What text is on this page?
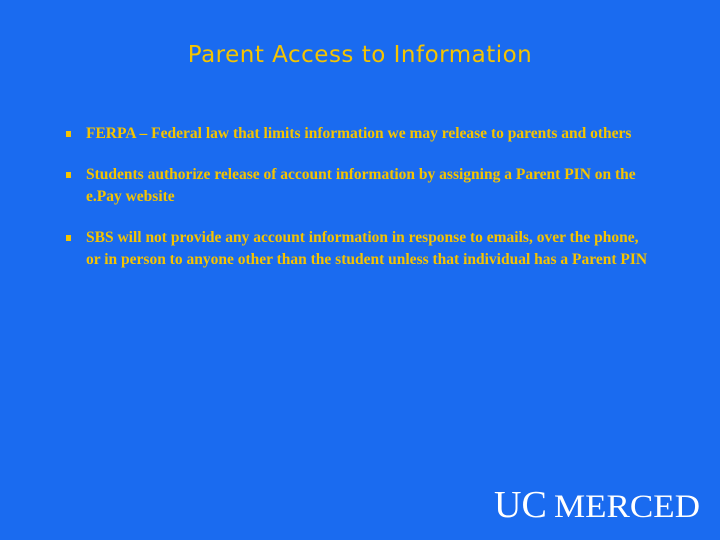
Parent Access to Information
FERPA – Federal law that limits information we may release to parents and others
Students authorize release of account information by assigning a Parent PIN on the e.Pay website
SBS will not provide any account information in response to emails, over the phone, or in person to anyone other than the student unless that individual has a Parent PIN
UC MERCED
